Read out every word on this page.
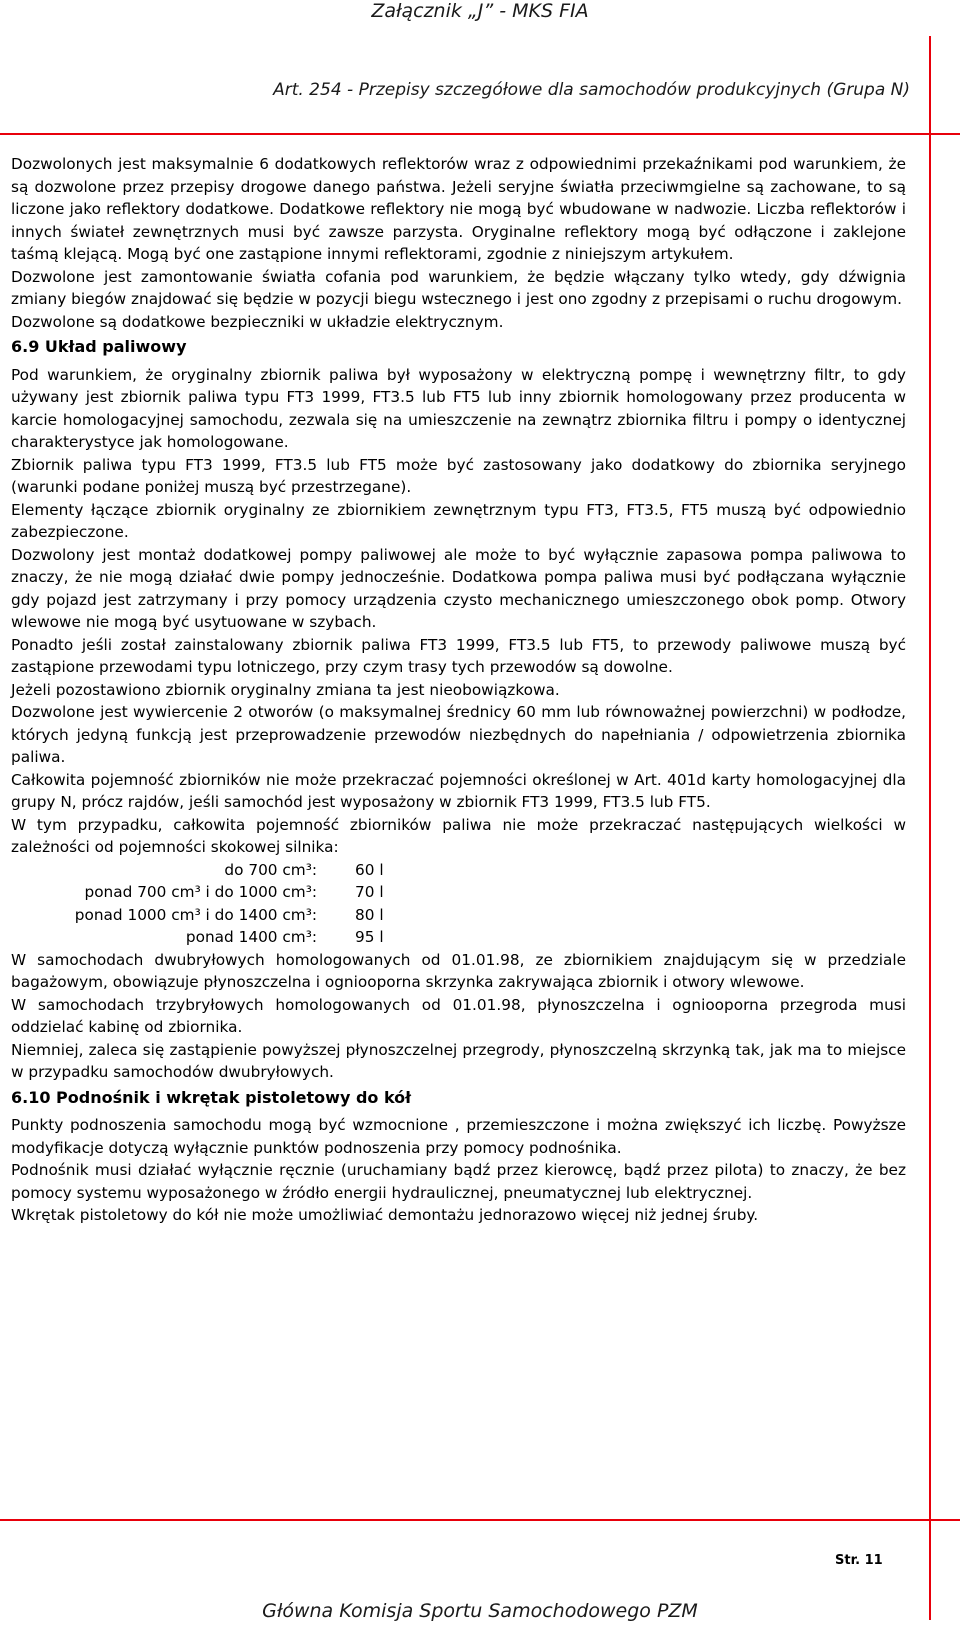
Załącznik „J” - MKS FIA
Art. 254 - Przepisy szczegółowe dla samochodów produkcyjnych (Grupa N)

Dozwolonych jest maksymalnie 6 dodatkowych reflektorów wraz z odpowiednimi przekaźnikami pod warunkiem, że są dozwolone przez przepisy drogowe danego państwa. Jeżeli seryjne światła przeciwmgielne są zachowane, to są liczone jako reflektory dodatkowe. Dodatkowe reflektory nie mogą być wbudowane w nadwozie. Liczba reflektorów i innych świateł zewnętrznych musi być zawsze parzysta. Oryginalne reflektory mogą być odłączone i zaklejone taśmą klejącą. Mogą być one zastąpione innymi reflektorami, zgodnie z niniejszym artykułem.

Dozwolone jest zamontowanie światła cofania pod warunkiem, że będzie włączany tylko wtedy, gdy dźwignia zmiany biegów znajdować się będzie w pozycji biegu wstecznego i jest ono zgodny z przepisami o ruchu drogowym.

Dozwolone są dodatkowe bezpieczniki w układzie elektrycznym.

6.9 Układ paliwowy

Pod warunkiem, że oryginalny zbiornik paliwa był wyposażony w elektryczną pompę i wewnętrzny filtr, to gdy używany jest zbiornik paliwa typu FT3 1999, FT3.5 lub FT5 lub inny zbiornik homologowany przez producenta w karcie homologacyjnej samochodu, zezwala się na umieszczenie na zewnątrz zbiornika filtru i pompy o identycznej charakterystyce jak homologowane.

Zbiornik paliwa typu FT3 1999, FT3.5 lub FT5 może być zastosowany jako dodatkowy do zbiornika seryjnego (warunki podane poniżej muszą być przestrzegane).

Elementy łączące zbiornik oryginalny ze zbiornikiem zewnętrznym typu FT3, FT3.5, FT5 muszą być odpowiednio zabezpieczone.

Dozwolony jest montaż dodatkowej pompy paliwowej ale może to być wyłącznie zapasowa pompa paliwowa to znaczy, że nie mogą działać dwie pompy jednocześnie. Dodatkowa pompa paliwa musi być podłączana wyłącznie gdy pojazd jest zatrzymany i przy pomocy urządzenia czysto mechanicznego umieszczonego obok pomp. Otwory wlewowe nie mogą być usytuowane w szybach.

Ponadto jeśli został zainstalowany zbiornik paliwa FT3 1999, FT3.5 lub FT5, to przewody paliwowe muszą być zastąpione przewodami typu lotniczego, przy czym trasy tych przewodów są dowolne.

Jeżeli pozostawiono zbiornik oryginalny zmiana ta jest nieobowiązkowa.

Dozwolone jest wywiercenie 2 otworów (o maksymalnej średnicy 60 mm lub równoważnej powierzchni) w podłodze, których jedyną funkcją jest przeprowadzenie przewodów niezbędnych do napełniania / odpowietrzenia zbiornika paliwa.

Całkowita pojemność zbiorników nie może przekraczać pojemności określonej w Art. 401d karty homologacyjnej dla grupy N, prócz rajdów, jeśli samochód jest wyposażony w zbiornik FT3 1999, FT3.5 lub FT5.

W tym przypadku, całkowita pojemność zbiorników paliwa nie może przekraczać następujących wielkości w zależności od pojemności skokowej silnika:

do 700 cm³:	60 l
ponad 700 cm³ i do 1000 cm³:	70 l
ponad 1000 cm³ i do 1400 cm³:	80 l
ponad 1400 cm³:	95 l

W samochodach dwubryłowych homologowanych od 01.01.98, ze zbiornikiem znajdującym się w przedziale bagażowym, obowiązuje płynoszczelna i ogniooporna skrzynka zakrywająca zbiornik i otwory wlewowe.

W samochodach trzybryłowych homologowanych od 01.01.98, płynoszczelna i ogniooporna przegroda musi oddzielać kabinę od zbiornika.

Niemniej, zaleca się zastąpienie powyższej płynoszczelnej przegrody, płynoszczelną skrzynką tak, jak ma to miejsce w przypadku samochodów dwubryłowych.

6.10 Podnośnik i wkrętak pistoletowy do kół

Punkty podnoszenia samochodu mogą być wzmocnione , przemieszczone i można zwiększyć ich liczbę. Powyższe modyfikacje dotyczą wyłącznie punktów podnoszenia przy pomocy podnośnika.

Podnośnik musi działać wyłącznie ręcznie (uruchamiany bądź przez kierowcę, bądź przez pilota) to znaczy, że bez pomocy systemu wyposażonego w źródło energii hydraulicznej, pneumatycznej lub elektrycznej.

Wkrętak pistoletowy do kół nie może umożliwiać demontażu jednorazowo więcej niż jednej śruby.

Str. 11
Główna Komisja Sportu Samochodowego PZM
